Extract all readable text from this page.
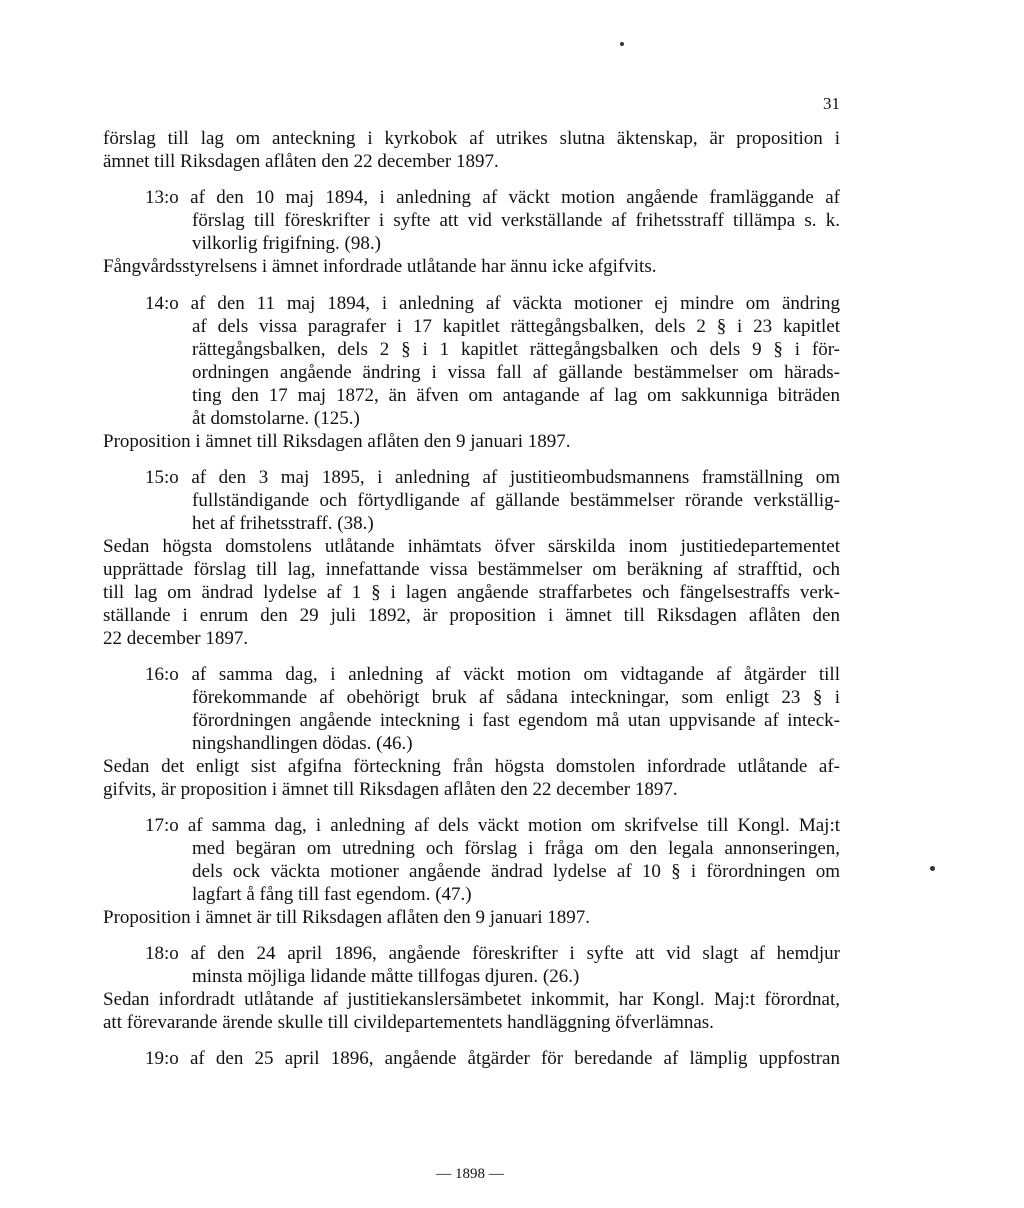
31
förslag till lag om anteckning i kyrkobok af utrikes slutna äktenskap, är proposition i
ämnet till Riksdagen aflåten den 22 december 1897.
13:o af den 10 maj 1894, i anledning af väckt motion angående framläggande af
förslag till föreskrifter i syfte att vid verkställande af frihetsstraff tillämpa s. k.
vilkorlig frigifning. (98.)
Fångvårdsstyrelsens i ämnet infordrade utlåtande har ännu icke afgifvits.
14:o af den 11 maj 1894, i anledning af väckta motioner ej mindre om ändring
af dels vissa paragrafer i 17 kapitlet rättegångsbalken, dels 2 § i 23 kapitlet
rättegångsbalken, dels 2 § i 1 kapitlet rättegångsbalken och dels 9 § i för-
ordningen angående ändring i vissa fall af gällande bestämmelser om härads-
ting den 17 maj 1872, än äfven om antagande af lag om sakkunniga biträden
åt domstolarne. (125.)
Proposition i ämnet till Riksdagen aflåten den 9 januari 1897.
15:o af den 3 maj 1895, i anledning af justitieombudsmannens framställning om
fullständigande och förtydligande af gällande bestämmelser rörande verkställig-
het af frihetsstraff. (38.)
Sedan högsta domstolens utlåtande inhämtats öfver särskilda inom justitiedepartementet
upprättade förslag till lag, innefattande vissa bestämmelser om beräkning af strafftid, och
till lag om ändrad lydelse af 1 § i lagen angående straffarbetes och fängelsestraffs verk-
ställande i enrum den 29 juli 1892, är proposition i ämnet till Riksdagen aflåten den
22 december 1897.
16:o af samma dag, i anledning af väckt motion om vidtagande af åtgärder till
förekommande af obehörigt bruk af sådana inteckningar, som enligt 23 § i
förordningen angående inteckning i fast egendom må utan uppvisande af inteck-
ningshandlingen dödas. (46.)
Sedan det enligt sist afgifna förteckning från högsta domstolen infordrade utlåtande af-
gifvits, är proposition i ämnet till Riksdagen aflåten den 22 december 1897.
17:o af samma dag, i anledning af dels väckt motion om skrifvelse till Kongl. Maj:t
med begäran om utredning och förslag i fråga om den legala annonseringen,
dels ock väckta motioner angående ändrad lydelse af 10 § i förordningen om
lagfart å fång till fast egendom. (47.)
Proposition i ämnet är till Riksdagen aflåten den 9 januari 1897.
18:o af den 24 april 1896, angående föreskrifter i syfte att vid slagt af hemdjur
minsta möjliga lidande måtte tillfogas djuren. (26.)
Sedan infordradt utlåtande af justitiekanslersämbetet inkommit, har Kongl. Maj:t förordnat,
att förevarande ärende skulle till civildepartementets handläggning öfverlämnas.
19:o af den 25 april 1896, angående åtgärder för beredande af lämplig uppfostran
— 1898 —
